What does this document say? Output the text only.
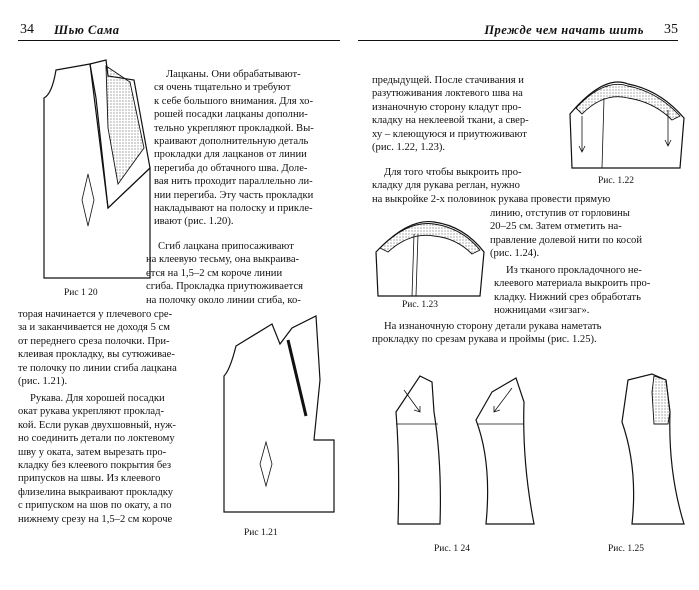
34 Шью Сама
Рис 1 20

Лацканы. Они обрабатывают-

ся очень тщательно и требуют

к себе большого внимания. Для хо-

рошей посадки лацканы дополни-

тельно укрепляют прокладкой. Вы-

краивают дополнительную деталь

прокладки для лацканов от линии

перегиба до обтачного шва. Доле-

вая нить проходит параллельно ли-

нии перегиба. Эту часть прокладки

накладывают на полоску и прикле-

ивают (рис. 1.20).

Сгиб лацкана припосаживают

на клеевую тесьму, она выкраива-

ется на 1,5–2 см короче линии

сгиба. Прокладка приутюживается

на полочку около линии сгиба, ко-

торая начинается у плечевого сре-

за и заканчивается не доходя 5 см

от переднего среза полочки. При-

клеивая прокладку, вы сутюживае-

те полочку по линии сгиба лацкана

(рис. 1.21).

Рукава. Для хорошей посадки

окат рукава укрепляют проклад-

кой. Если рукав двухшовный, нуж-

но соединить детали по локтевому

шву у оката, затем вырезать про-

кладку без клеевого покрытия без

припусков на швы. Из клеевого

флизелина выкраивают прокладку

с припуском на шов по окату, а по

нижнему срезу на 1,5–2 см короче

Рис 1.21
Прежде чем начать шить 35

предыдущей. После стачивания и

разутюживания локтевого шва на

изнаночную сторону кладут про-

кладку на неклеевой ткани, а свер-

ху – клеющуюся и приутюживают

(рис. 1.22, 1.23).

Рис. 1.22

Для того чтобы выкроить про-

кладку для рукава реглан, нужно

на выкройке 2-х половинок рукава провести прямую

линию, отступив от горловины

20–25 см. Затем отметить на-

правление долевой нити по косой

(рис. 1.24).

Рис. 1.23

Из тканого прокладочного не-

клеевого материала выкроить про-

кладку. Нижний срез обработать

ножницами «зигзаг».

На изнаночную сторону детали рукава наметать

прокладку по срезам рукава и проймы (рис. 1.25).

Рис. 1 24	Рис. 1.25
